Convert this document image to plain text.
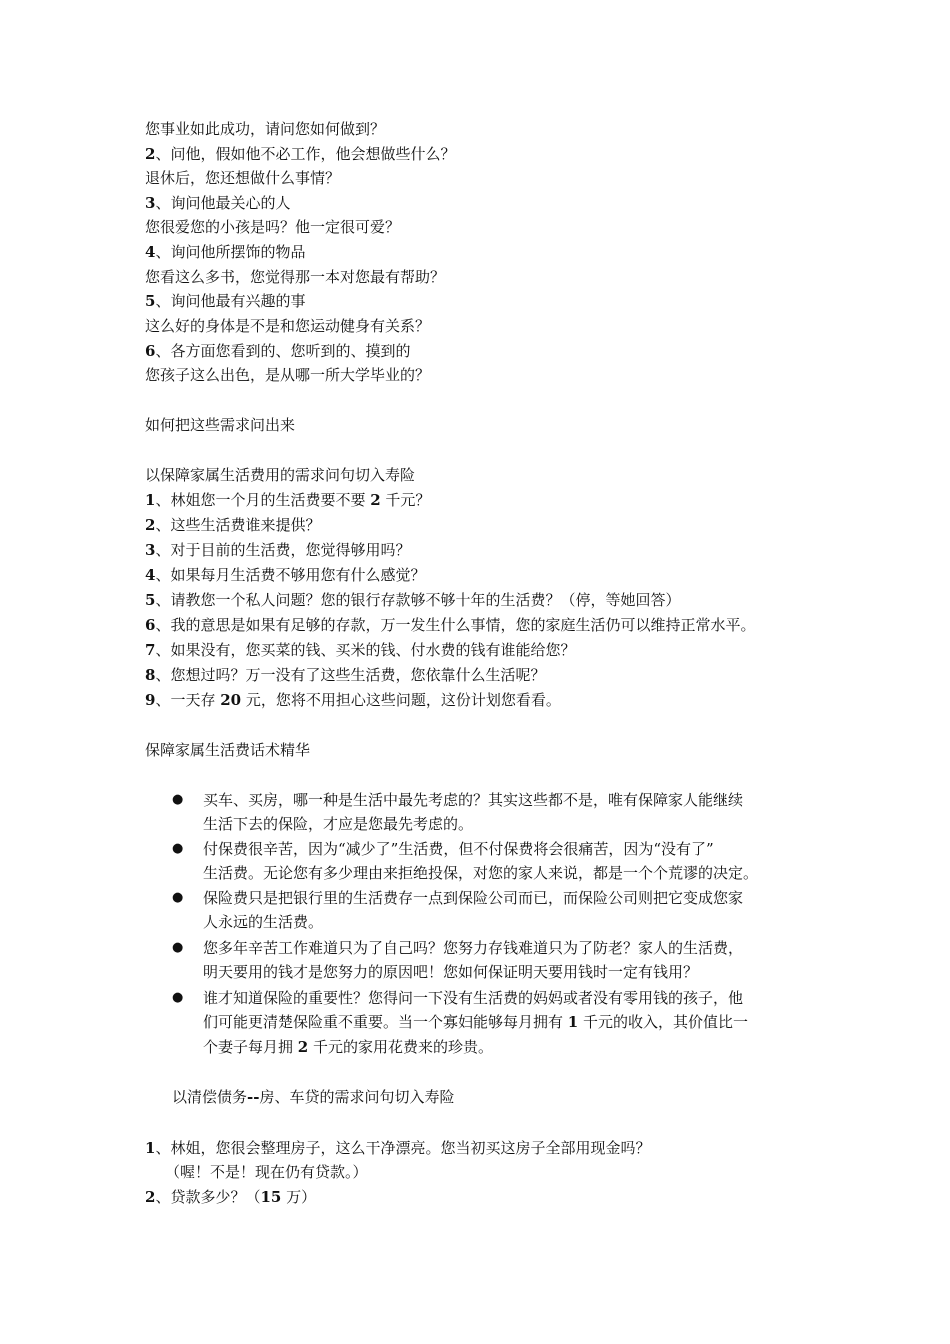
您事业如此成功，请问您如何做到？
2、问他，假如他不必工作，他会想做些什么？
退休后，您还想做什么事情？
3、询问他最关心的人
您很爱您的小孩是吗？他一定很可爱？
4、询问他所摆饰的物品
您看这么多书，您觉得那一本对您最有帮助？
5、询问他最有兴趣的事
这么好的身体是不是和您运动健身有关系？
6、各方面您看到的、您听到的、摸到的
您孩子这么出色，是从哪一所大学毕业的？
如何把这些需求问出来
以保障家属生活费用的需求问句切入寿险
1、林姐您一个月的生活费要不要 2 千元？
2、这些生活费谁来提供？
3、对于目前的生活费，您觉得够用吗？
4、如果每月生活费不够用您有什么感觉？
5、请教您一个私人问题？您的银行存款够不够十年的生活费？（停，等她回答）
6、我的意思是如果有足够的存款，万一发生什么事情，您的家庭生活仍可以维持正常水平。
7、如果没有，您买菜的钱、买米的钱、付水费的钱有谁能给您？
8、您想过吗？万一没有了这些生活费，您依靠什么生活呢？
9、一天存 20 元，您将不用担心这些问题，这份计划您看看。
保障家属生活费话术精华
● 买车、买房，哪一种是生活中最先考虑的？其实这些都不是，唯有保障家人能继续
生活下去的保险，才应是您最先考虑的。
● 付保费很辛苦，因为“减少了”生活费，但不付保费将会很痛苦，因为“没有了”
生活费。无论您有多少理由来拒绝投保，对您的家人来说，都是一个个荒谬的决定。
● 保险费只是把银行里的生活费存一点到保险公司而已，而保险公司则把它变成您家
人永远的生活费。
● 您多年辛苦工作难道只为了自己吗？您努力存钱难道只为了防老？家人的生活费，
明天要用的钱才是您努力的原因吧！您如何保证明天要用钱时一定有钱用？
● 谁才知道保险的重要性？您得问一下没有生活费的妈妈或者没有零用钱的孩子，他
们可能更清楚保险重不重要。当一个寡妇能够每月拥有 1 千元的收入，其价值比一
个妻子每月拥 2 千元的家用花费来的珍贵。
以清偿债务--房、车贷的需求问句切入寿险
1、林姐，您很会整理房子，这么干净漂亮。您当初买这房子全部用现金吗？
（喔！不是！现在仍有贷款。）
2、贷款多少？（15 万）
